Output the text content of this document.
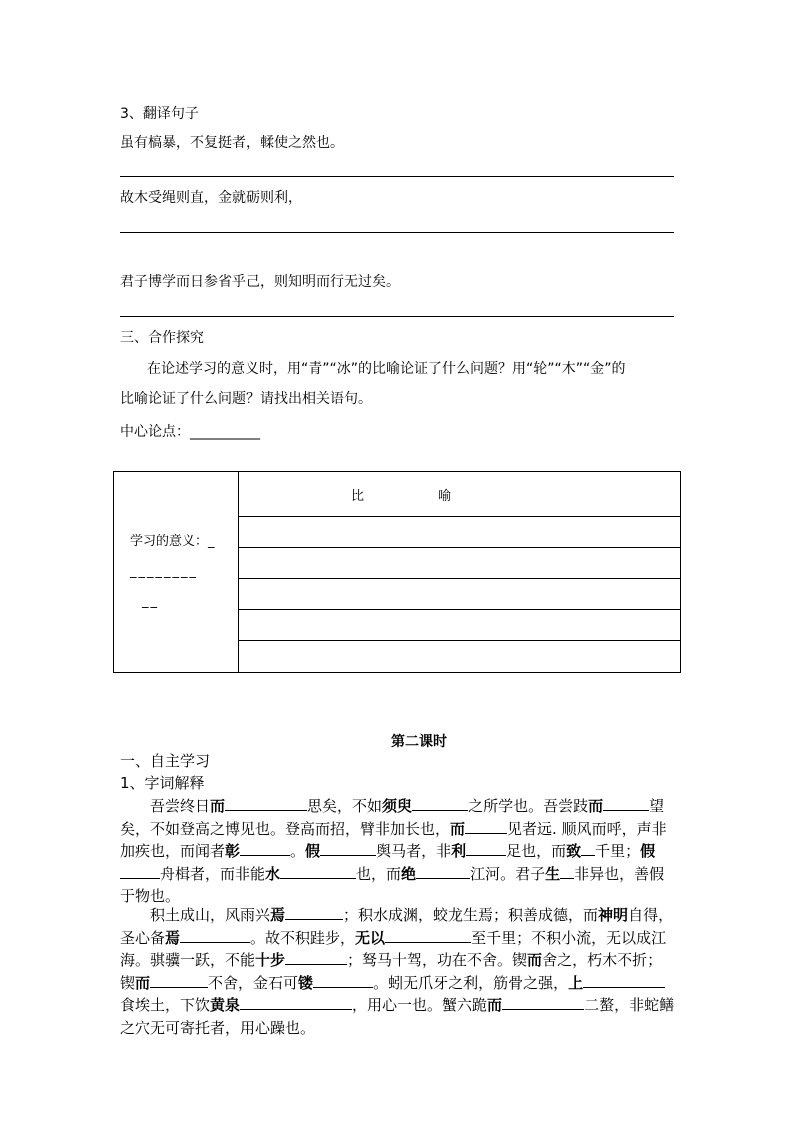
3、翻译句子
虽有槁暴，不复挺者，輮使之然也。
故木受绳则直，金就砺则利，
君子博学而日参省乎己，则知明而行无过矣。
三、合作探究
在论述学习的意义时，用“青”“冰”的比喻论证了什么问题？用“轮”“木”“金”的
比喻论证了什么问题？请找出相关语句。
中心论点：__________
学习的意义：_
________
__
	比	喻

第二课时
一、自主学习
1、字词解释
吾尝终日而	思矣，不如须臾	之所学也。吾尝跂而	望矣，不如登高之博见也。登高而招，臂非加长也，而	见者远. 顺风而呼，声非加疾也，而闻者彰	。假	舆马者，非利	足也，而致 千里；假舟楫者，而非能水	也，而绝	江河。君子生 非异也，善假于物也。
积土成山，风雨兴焉	；积水成渊，蛟龙生焉；积善成德，而神明自得，圣心备焉	。故不积跬步，无以	至千里；不积小流，无以成江海。骐骥一跃，不能十步	；驽马十驾，功在不舍。锲而舍之，朽木不折；锲而	不舍，金石可镂	。蚓无爪牙之利，筋骨之强，上食埃土，下饮黄泉	，用心一也。蟹六跪而	二螯，非蛇鳝之穴无可寄托者，用心躁也。
